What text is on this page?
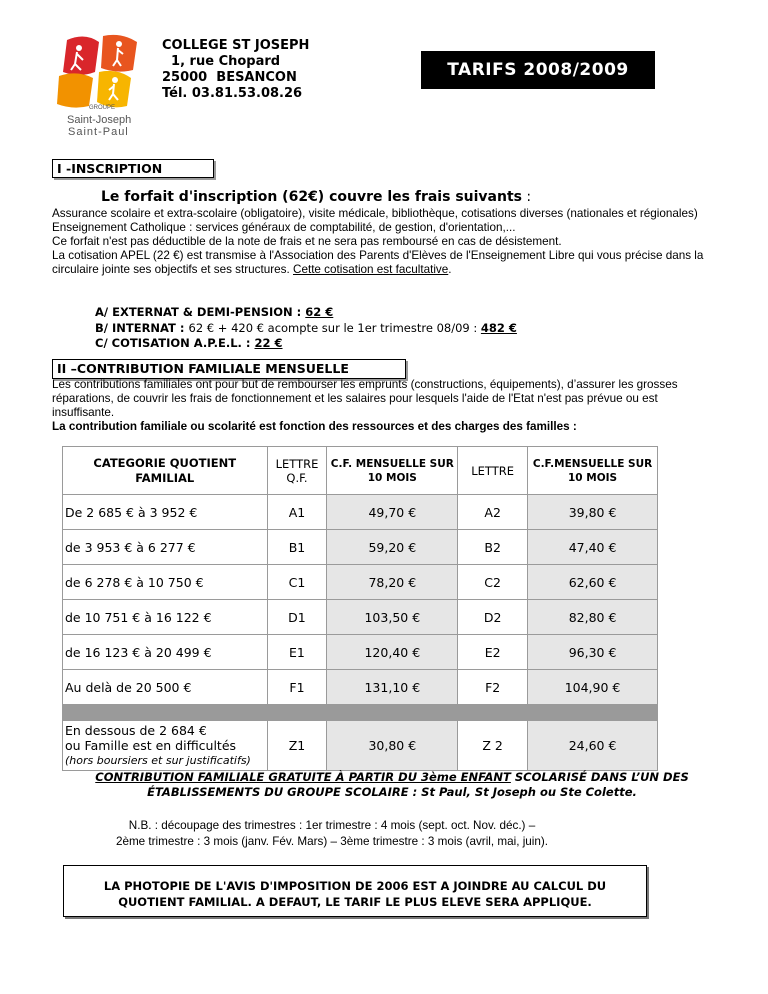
GROUPE
Saint-Joseph
Saint-Paul
COLLEGE ST JOSEPH
1, rue Chopard
25000  BESANCON
Tél. 03.81.53.08.26
TARIFS 2008/2009
I -INSCRIPTION
Le forfait d'inscription (62€) couvre les frais suivants :
Assurance scolaire et extra-scolaire (obligatoire), visite médicale, bibliothèque, cotisations diverses (nationales et régionales)
Enseignement Catholique : services généraux de comptabilité, de gestion, d'orientation,...
Ce forfait n'est pas déductible de la note de frais et ne sera pas remboursé en cas de désistement.
La cotisation APEL (22 €) est transmise à l'Association des Parents d'Elèves de l'Enseignement Libre qui vous précise dans la circulaire jointe ses objectifs et ses structures. Cette cotisation est facultative.
A/ EXTERNAT & DEMI-PENSION : 62 €
B/ INTERNAT : 62 € + 420 € acompte sur le 1er trimestre 08/09 : 482 €
C/ COTISATION A.P.E.L. : 22 €
II –CONTRIBUTION FAMILIALE MENSUELLE
Les contributions familiales ont pour but de rembourser les emprunts (constructions, équipements), d’assurer les grosses réparations, de couvrir les frais de fonctionnement et les salaires pour lesquels l'aide de l'Etat n'est pas prévue ou est insuffisante.
La contribution familiale ou scolarité est fonction des ressources et des charges des familles :
CATEGORIE QUOTIENT FAMILIAL	LETTRE Q.F.	C.F. MENSUELLE SUR 10 MOIS	LETTRE	C.F.MENSUELLE SUR 10 MOIS
De 2 685 € à 3 952 €	A1	49,70 €	A2	39,80 €
de 3 953 € à 6 277 €	B1	59,20 €	B2	47,40 €
de 6 278 € à 10 750 €	C1	78,20 €	C2	62,60 €
de 10 751 € à 16 122 €	D1	103,50 €	D2	82,80 €
de 16 123 € à 20 499 €	E1	120,40 €	E2	96,30 €
Au delà de 20 500 €	F1	131,10 €	F2	104,90 €

En dessous de 2 684 €
ou Famille est en difficultés
(hors boursiers et sur justificatifs)	Z1	30,80 €	Z 2	24,60 €
CONTRIBUTION FAMILIALE GRATUITE À PARTIR DU 3ème ENFANT SCOLARISÉ DANS L’UN DES ÉTABLISSEMENTS DU GROUPE SCOLAIRE : St Paul, St Joseph ou Ste Colette.
N.B. : découpage des trimestres : 1er trimestre : 4 mois (sept. oct. Nov. déc.) –
2ème trimestre : 3 mois (janv. Fév. Mars) – 3ème trimestre : 3 mois (avril, mai, juin).
LA PHOTOPIE DE L'AVIS D'IMPOSITION DE 2006 EST A JOINDRE AU CALCUL DU
QUOTIENT FAMILIAL. A DEFAUT, LE TARIF LE PLUS ELEVE SERA APPLIQUE.
